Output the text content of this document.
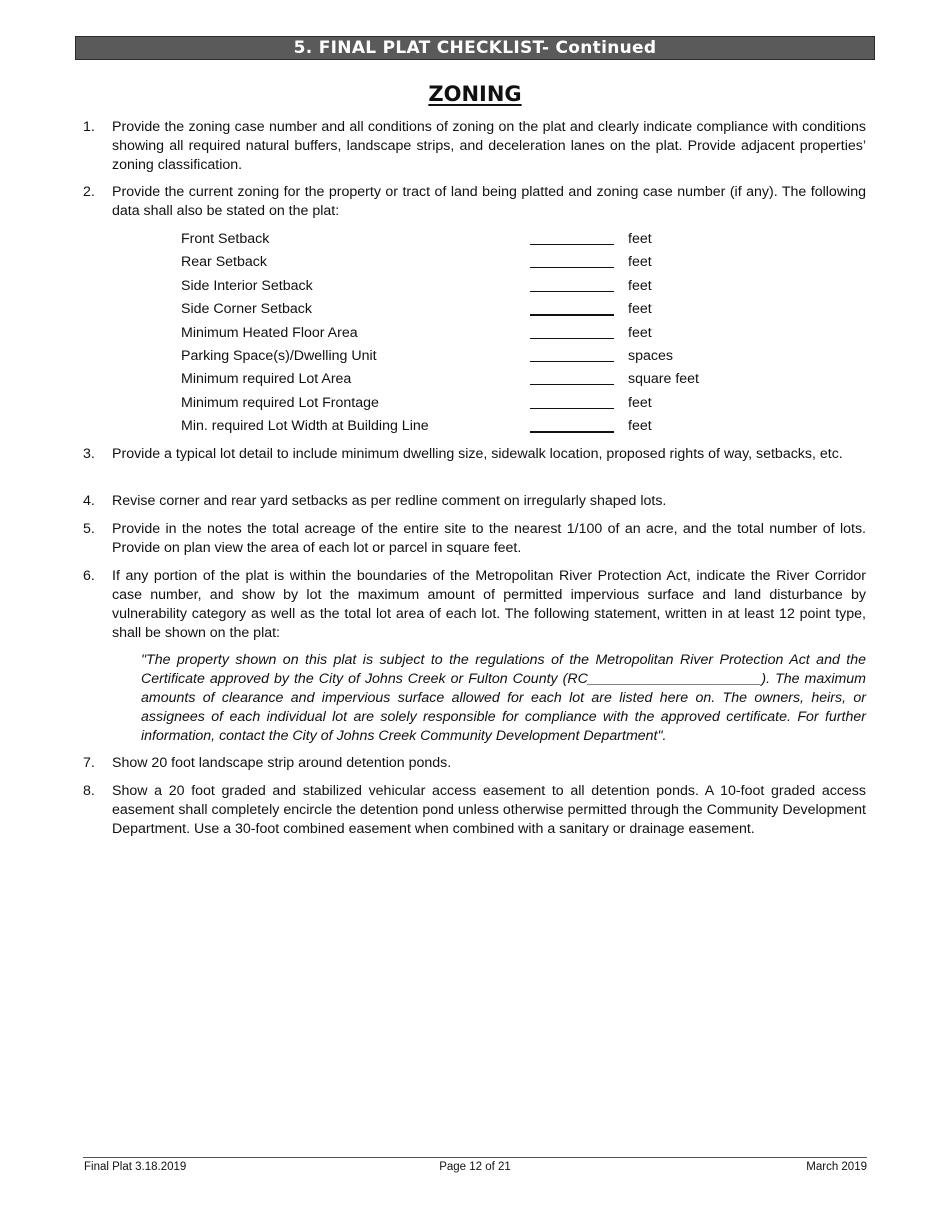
5. FINAL PLAT CHECKLIST- Continued
ZONING
1. Provide the zoning case number and all conditions of zoning on the plat and clearly indicate compliance with conditions showing all required natural buffers, landscape strips, and deceleration lanes on the plat. Provide adjacent properties’ zoning classification.
2. Provide the current zoning for the property or tract of land being platted and zoning case number (if any). The following data shall also be stated on the plat:
Front Setback	feet
Rear Setback	feet
Side Interior Setback	feet
Side Corner Setback	feet
Minimum Heated Floor Area	feet
Parking Space(s)/Dwelling Unit	spaces
Minimum required Lot Area	square feet
Minimum required Lot Frontage	feet
Min. required Lot Width at Building Line	feet
3. Provide a typical lot detail to include minimum dwelling size, sidewalk location, proposed rights of way, setbacks, etc.
4. Revise corner and rear yard setbacks as per redline comment on irregularly shaped lots.
5. Provide in the notes the total acreage of the entire site to the nearest 1/100 of an acre, and the total number of lots. Provide on plan view the area of each lot or parcel in square feet.
6. If any portion of the plat is within the boundaries of the Metropolitan River Protection Act, indicate the River Corridor case number, and show by lot the maximum amount of permitted impervious surface and land disturbance by vulnerability category as well as the total lot area of each lot. The following statement, written in at least 12 point type, shall be shown on the plat:
"The property shown on this plat is subject to the regulations of the Metropolitan River Protection Act and the Certificate approved by the City of Johns Creek or Fulton County (RC______________________). The maximum amounts of clearance and impervious surface allowed for each lot are listed here on. The owners, heirs, or assignees of each individual lot are solely responsible for compliance with the approved certificate. For further information, contact the City of Johns Creek Community Development Department".
7. Show 20 foot landscape strip around detention ponds.
8. Show a 20 foot graded and stabilized vehicular access easement to all detention ponds. A 10-foot graded access easement shall completely encircle the detention pond unless otherwise permitted through the Community Development Department. Use a 30-foot combined easement when combined with a sanitary or drainage easement.
Final Plat 3.18.2019	Page 12 of 21	March 2019
